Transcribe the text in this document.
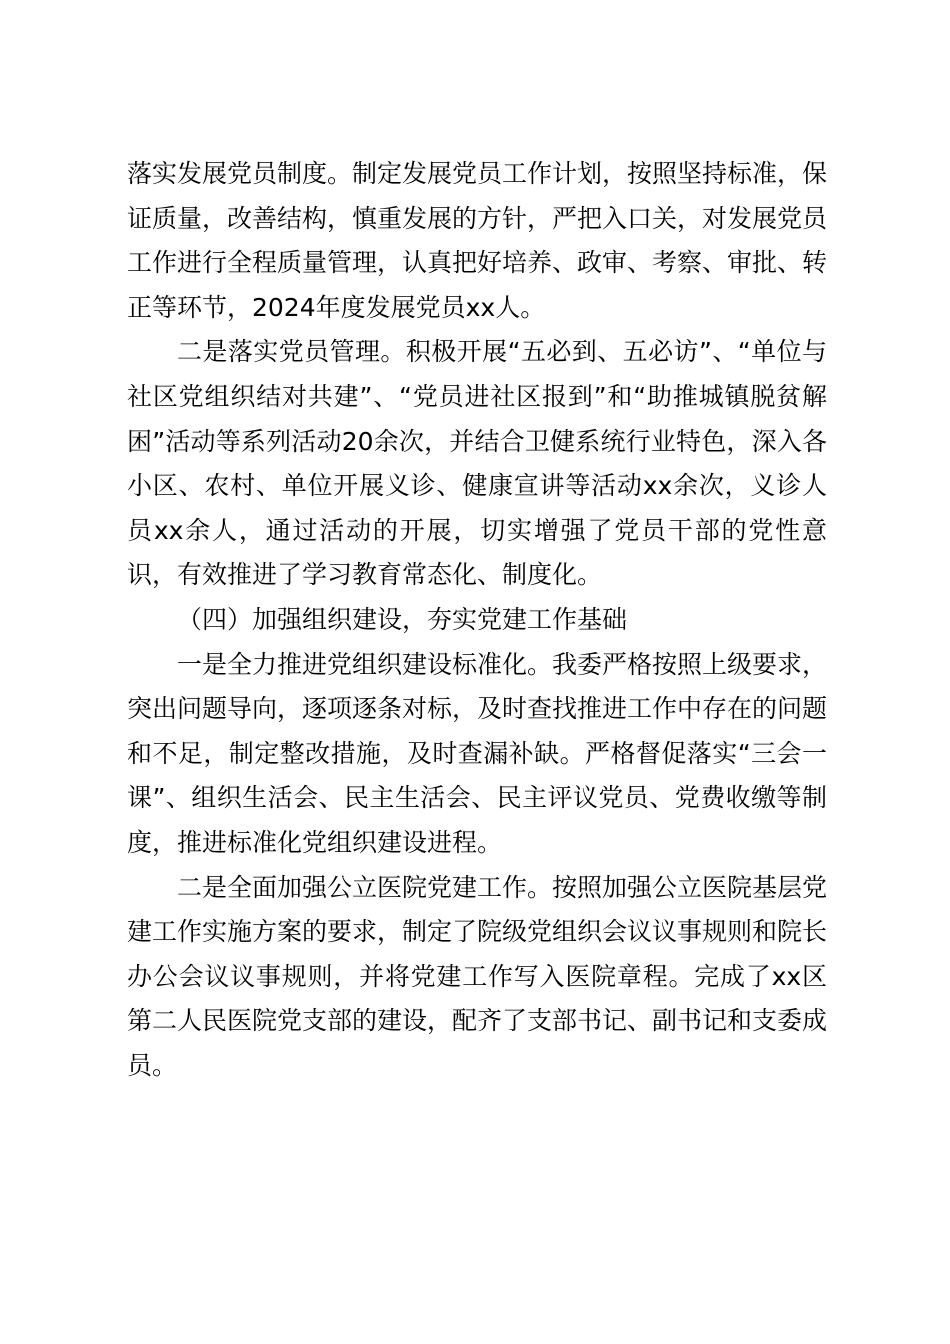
落实发展党员制度。制定发展党员工作计划，按照坚持标准，保证质量，改善结构，慎重发展的方针，严把入口关，对发展党员工作进行全程质量管理，认真把好培养、政审、考察、审批、转正等环节，2024年度发展党员xx人。

二是落实党员管理。积极开展“五必到、五必访”、“单位与社区党组织结对共建”、“党员进社区报到”和“助推城镇脱贫解困”活动等系列活动20余次，并结合卫健系统行业特色，深入各小区、农村、单位开展义诊、健康宣讲等活动xx余次，义诊人员xx余人，通过活动的开展，切实增强了党员干部的党性意识，有效推进了学习教育常态化、制度化。

（四）加强组织建设，夯实党建工作基础

一是全力推进党组织建设标准化。我委严格按照上级要求，突出问题导向，逐项逐条对标，及时查找推进工作中存在的问题和不足，制定整改措施，及时查漏补缺。严格督促落实“三会一课”、组织生活会、民主生活会、民主评议党员、党费收缴等制度，推进标准化党组织建设进程。

二是全面加强公立医院党建工作。按照加强公立医院基层党建工作实施方案的要求，制定了院级党组织会议议事规则和院长办公会议议事规则，并将党建工作写入医院章程。完成了xx区第二人民医院党支部的建设，配齐了支部书记、副书记和支委成员。
